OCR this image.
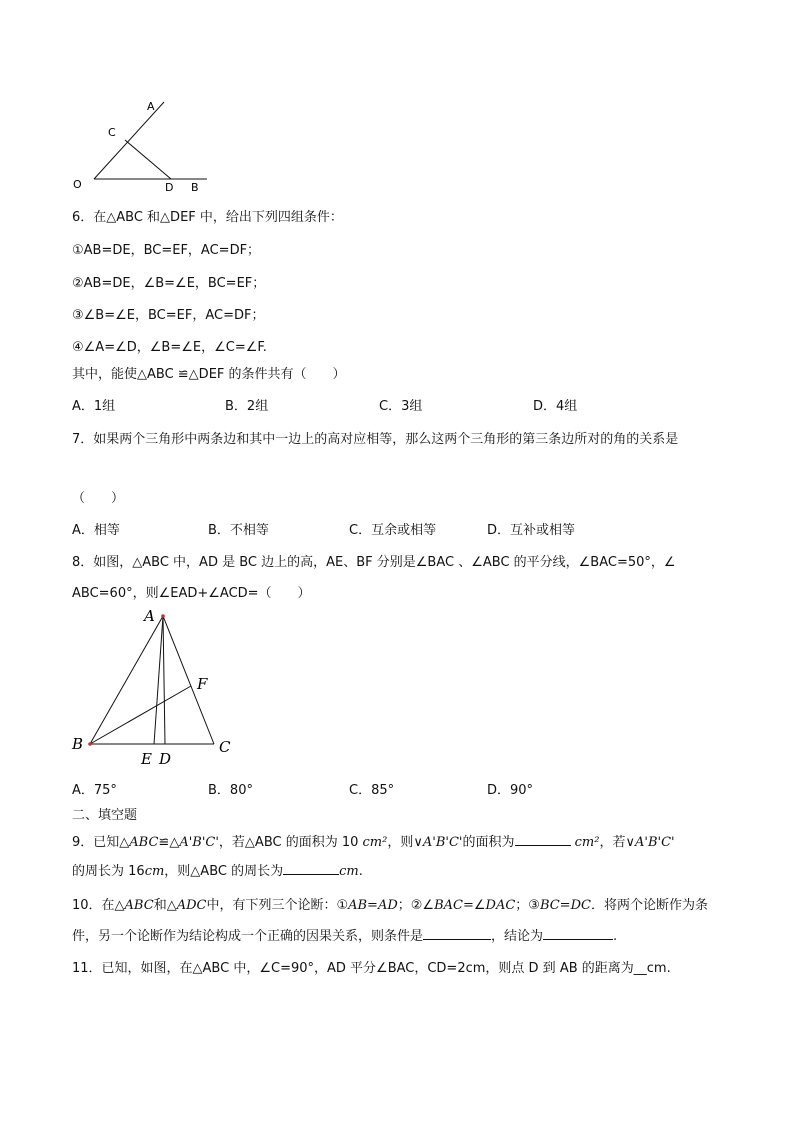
A
C
O	D B
6．在△ABC 和△DEF 中，给出下列四组条件：
①AB=DE，BC=EF，AC=DF；
②AB=DE，∠B=∠E，BC=EF；
③∠B=∠E，BC=EF，AC=DF；
④∠A=∠D，∠B=∠E，∠C=∠F.
其中，能使△ABC ≌△DEF 的条件共有（　　）
A．1组	B．2组	C．3组	D．4组
7．如果两个三角形中两条边和其中一边上的高对应相等，那么这两个三角形的第三条边所对的角的关系是
（　　）
A．相等	B．不相等	C．互余或相等	D．互补或相等
8．如图，△ABC 中，AD 是 BC 边上的高，AE、BF 分别是∠BAC 、∠ABC 的平分线，∠BAC=50°，∠
ABC=60°，则∠EAD+∠ACD=（　　）
A
F
B
E D
C
A．75°	B．80°	C．85°	D．90°
二、填空题
9．已知△ABC≌△A'B'C'，若△ABC 的面积为 10 cm²，则∨A'B'C'的面积为	cm²，若∨A'B'C'
的周长为 16cm，则△ABC 的周长为	cm.
10．在△ABC和△ADC中，有下列三个论断：①AB=AD；②∠BAC=∠DAC；③BC=DC．将两个论断作为条
件，另一个论断作为结论构成一个正确的因果关系，则条件是	，结论为	.
11．已知，如图，在△ABC 中，∠C=90°，AD 平分∠BAC，CD=2cm，则点 D 到 AB 的距离为__cm.
